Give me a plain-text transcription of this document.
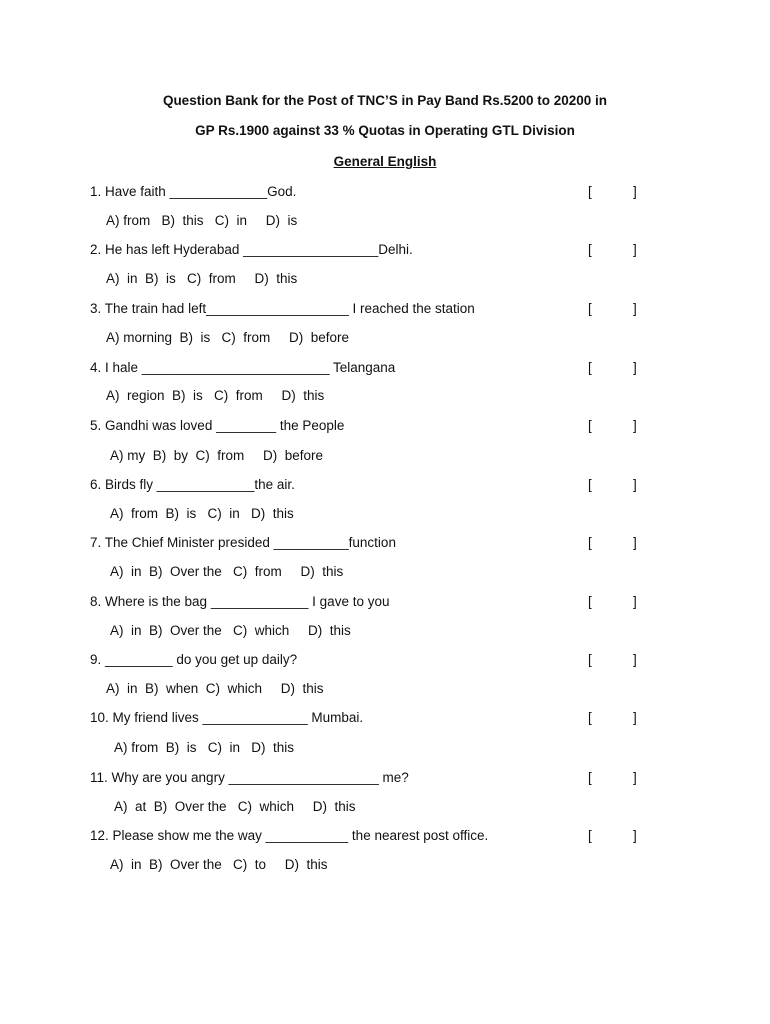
Question Bank for the Post of TNC’S in Pay Band Rs.5200 to 20200 in
GP Rs.1900 against 33 % Quotas in Operating GTL Division
General English
1. Have faith _____________God.	[	]
A) from   B)  this   C)  in     D)  is
2. He has left Hyderabad __________________Delhi.	[	]
A)  in  B)  is   C)  from     D)  this
3. The train had left___________________ I reached the station	[	]
A) morning  B)  is   C)  from     D)  before
4. I hale _________________________ Telangana	[	]
A)  region  B)  is   C)  from     D)  this
5. Gandhi was loved ________ the People	[	]
A) my  B)  by  C)  from     D)  before
6. Birds fly _____________the air.	[	]
A)  from  B)  is   C)  in   D)  this
7. The Chief Minister presided __________function	[	]
A)  in  B)  Over the   C)  from     D)  this
8. Where is the bag _____________ I gave to you	[	]
A)  in  B)  Over the   C)  which     D)  this
9. _________ do you get up daily?	[	]
A)  in  B)  when  C)  which     D)  this
10. My friend lives ______________ Mumbai.	[	]
A) from  B)  is   C)  in   D)  this
11. Why are you angry ____________________ me?	[	]
A)  at  B)  Over the   C)  which     D)  this
12. Please show me the way ___________ the nearest post office.	[	]
A)  in  B)  Over the   C)  to     D)  this
